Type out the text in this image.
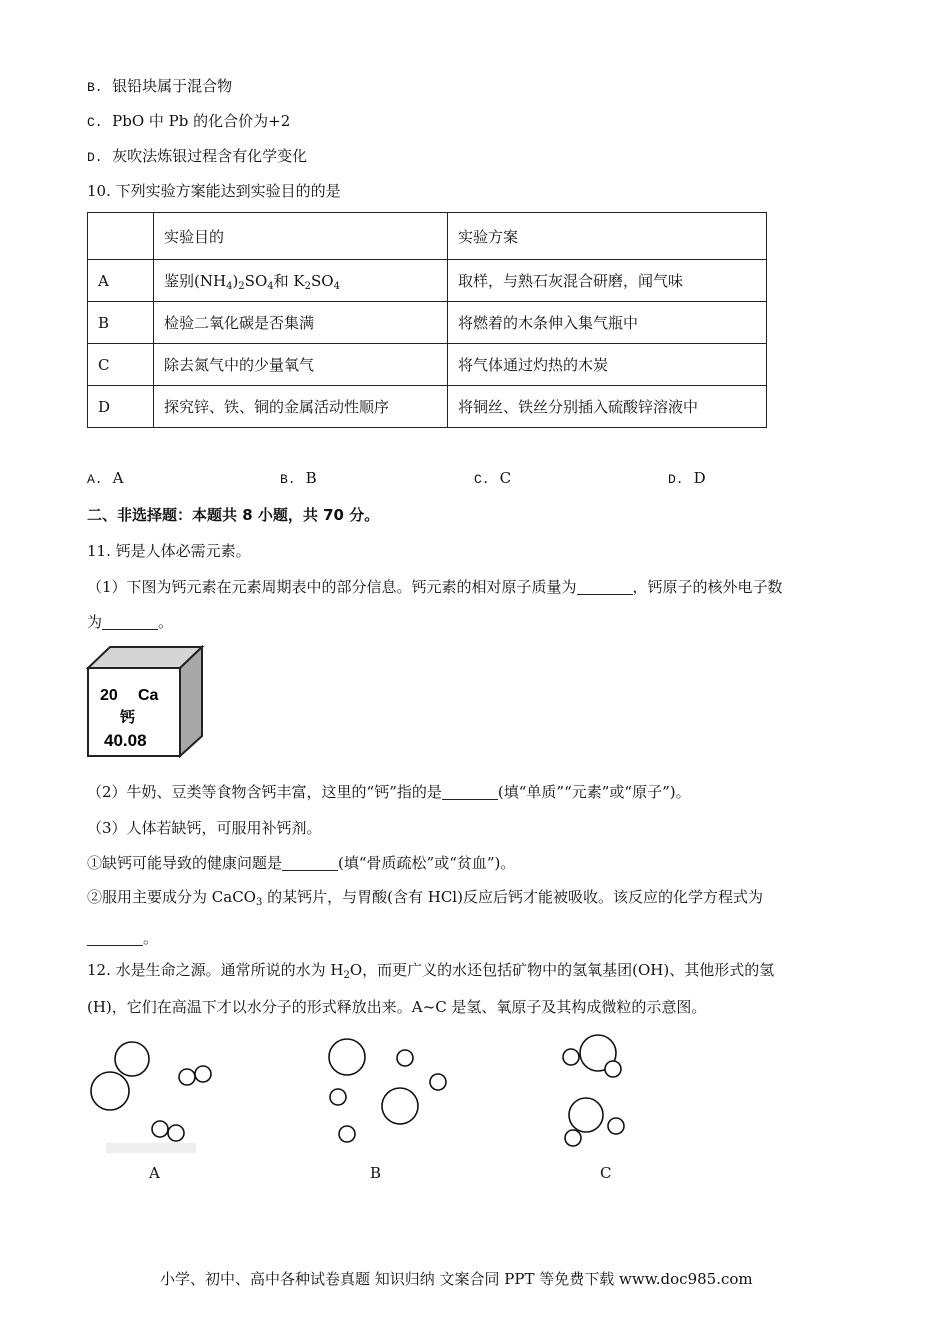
B. 银铅块属于混合物
C. PbO 中 Pb 的化合价为+2
D. 灰吹法炼银过程含有化学变化
10. 下列实验方案能达到实验目的的是
	实验目的	实验方案
A	鉴别$(NH_4)_2SO_4$和 $K_2SO_4$	取样，与熟石灰混合研磨，闻气味
B	检验二氧化碳是否集满	将燃着的木条伸入集气瓶中
C	除去氮气中的少量氧气	将气体通过灼热的木炭
D	探究锌、铁、铜的金属活动性顺序	将铜丝、铁丝分别插入硫酸锌溶液中
A. A	B. B	C. C	D. D
二、非选择题：本题共 8 小题，共 70 分。
11. 钙是人体必需元素。
（1）下图为钙元素在元素周期表中的部分信息。钙元素的相对原子质量为	，钙原子的核外电子数
为	。
20 Ca
钙
40.08
（2）牛奶、豆类等食物含钙丰富，这里的“钙”指的是	(填“单质”“元素”或“原子”)。
（3）人体若缺钙，可服用补钙剂。
①缺钙可能导致的健康问题是	(填“骨质疏松”或“贫血”)。
②服用主要成分为 CaCO$_3$ 的某钙片，与胃酸(含有 HCl)反应后钙才能被吸收。该反应的化学方程式为
。
12. 水是生命之源。通常所说的水为 $H_2O$，而更广义的水还包括矿物中的氢氧基团(OH)、其他形式的氢
(H)，它们在高温下才以水分子的形式释放出来。A~C 是氢、氧原子及其构成微粒的示意图。
A	B	C
小学、初中、高中各种试卷真题 知识归纳 文案合同 PPT 等免费下载 www.doc985.com
